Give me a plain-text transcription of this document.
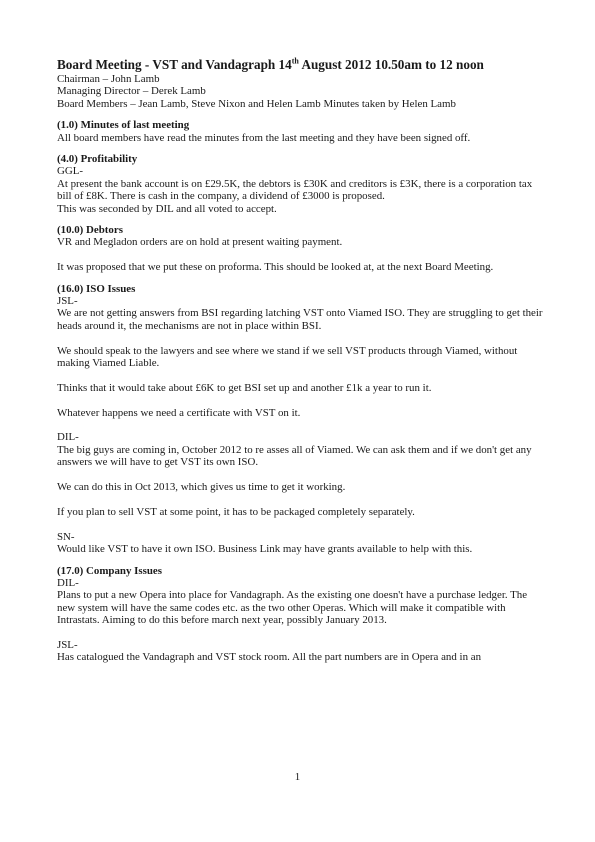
Board Meeting - VST and Vandagraph 14th August 2012 10.50am to 12 noon
Chairman – John Lamb
Managing Director – Derek Lamb
Board Members – Jean Lamb, Steve Nixon and Helen Lamb Minutes taken by Helen Lamb
(1.0) Minutes of last meeting
All board members have read the minutes from the last meeting and they have been signed off.
(4.0) Profitability
GGL-
At present the bank account is on £29.5K, the debtors is £30K and creditors is £3K, there is a corporation tax bill of £8K. There is cash in the company, a dividend of £3000 is proposed.
This was seconded by DIL and all voted to accept.
(10.0) Debtors
VR and Megladon orders are on hold at present waiting payment.
It was proposed that we put these on proforma. This should be looked at, at the next Board Meeting.
(16.0) ISO Issues
JSL-
We are not getting answers from BSI regarding latching VST onto Viamed ISO. They are struggling to get their heads around it, the mechanisms are not in place within BSI.
We should speak to the lawyers and see where we stand if we sell VST products through Viamed, without making Viamed Liable.
Thinks that it would take about £6K to get BSI set up and another £1k a year to run it.
Whatever happens we need a certificate with VST on it.
DIL-
The big guys are coming in, October 2012 to re asses all of Viamed. We can ask them and if we don't get any answers we will have to get VST its own ISO.
We can do this in Oct 2013, which gives us time to get it working.
If you plan to sell VST at some point, it has to be packaged completely separately.
SN-
Would like VST to have it own ISO. Business Link may have grants available to help with this.
(17.0) Company Issues
DIL-
Plans to put a new Opera into place for Vandagraph. As the existing one doesn't have a purchase ledger. The new system will have the same codes etc. as the two other Operas. Which will make it compatible with Intrastats. Aiming to do this before march next year, possibly January 2013.
JSL-
Has catalogued the Vandagraph and VST stock room. All the part numbers are in Opera and in an
1
